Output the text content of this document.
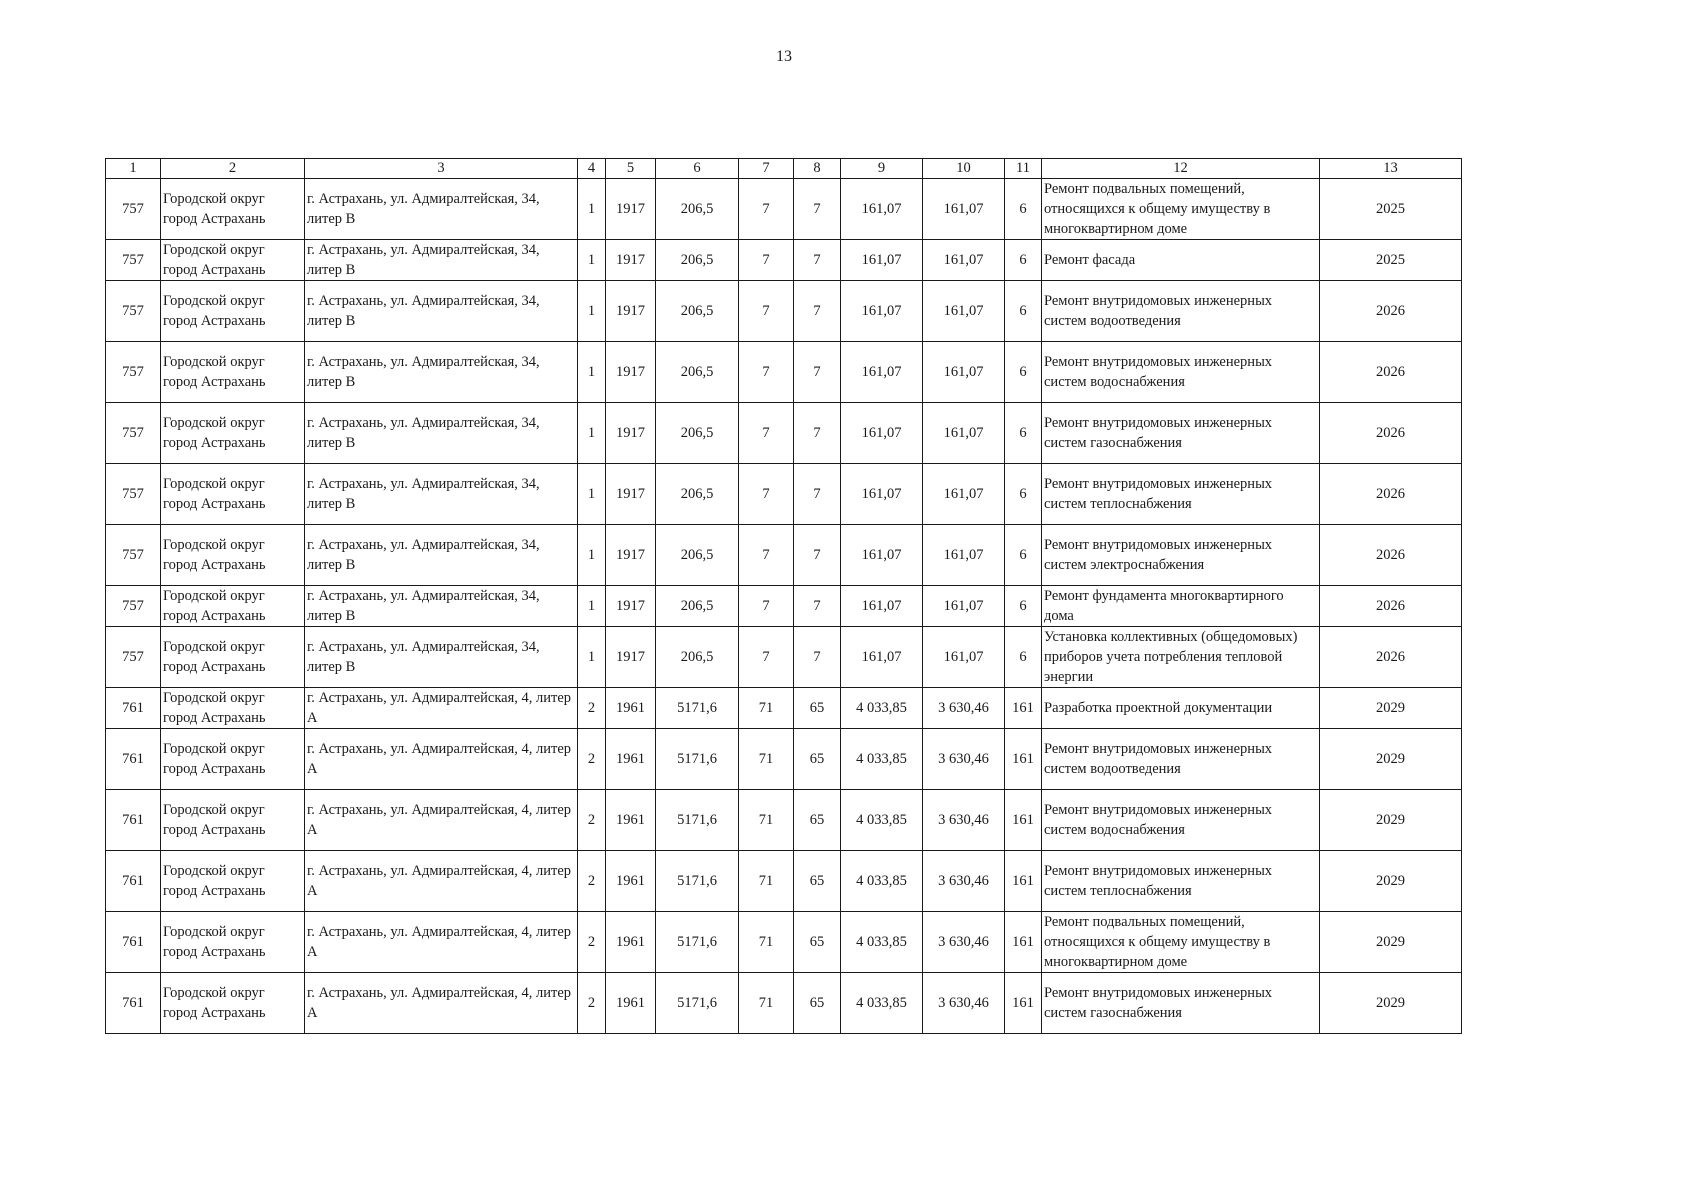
13
1	2	3	4	5	6	7	8	9	10	11	12	13
757	Городской округ город Астрахань	г. Астрахань, ул. Адмиралтейская, 34, литер В	1	1917	206,5	7	7	161,07	161,07	6	Ремонт подвальных помещений, относящихся к общему имуществу в многоквартирном доме	2025
757	Городской округ город Астрахань	г. Астрахань, ул. Адмиралтейская, 34, литер В	1	1917	206,5	7	7	161,07	161,07	6	Ремонт фасада	2025
757	Городской округ город Астрахань	г. Астрахань, ул. Адмиралтейская, 34, литер В	1	1917	206,5	7	7	161,07	161,07	6	Ремонт внутридомовых инженерных систем водоотведения	2026
757	Городской округ город Астрахань	г. Астрахань, ул. Адмиралтейская, 34, литер В	1	1917	206,5	7	7	161,07	161,07	6	Ремонт внутридомовых инженерных систем водоснабжения	2026
757	Городской округ город Астрахань	г. Астрахань, ул. Адмиралтейская, 34, литер В	1	1917	206,5	7	7	161,07	161,07	6	Ремонт внутридомовых инженерных систем газоснабжения	2026
757	Городской округ город Астрахань	г. Астрахань, ул. Адмиралтейская, 34, литер В	1	1917	206,5	7	7	161,07	161,07	6	Ремонт внутридомовых инженерных систем теплоснабжения	2026
757	Городской округ город Астрахань	г. Астрахань, ул. Адмиралтейская, 34, литер В	1	1917	206,5	7	7	161,07	161,07	6	Ремонт внутридомовых инженерных систем электроснабжения	2026
757	Городской округ город Астрахань	г. Астрахань, ул. Адмиралтейская, 34, литер В	1	1917	206,5	7	7	161,07	161,07	6	Ремонт фундамента многоквартирного дома	2026
757	Городской округ город Астрахань	г. Астрахань, ул. Адмиралтейская, 34, литер В	1	1917	206,5	7	7	161,07	161,07	6	Установка коллективных (общедомовых) приборов учета потребления тепловой энергии	2026
761	Городской округ город Астрахань	г. Астрахань, ул. Адмиралтейская, 4, литер А	2	1961	5171,6	71	65	4 033,85	3 630,46	161	Разработка проектной документации	2029
761	Городской округ город Астрахань	г. Астрахань, ул. Адмиралтейская, 4, литер А	2	1961	5171,6	71	65	4 033,85	3 630,46	161	Ремонт внутридомовых инженерных систем водоотведения	2029
761	Городской округ город Астрахань	г. Астрахань, ул. Адмиралтейская, 4, литер А	2	1961	5171,6	71	65	4 033,85	3 630,46	161	Ремонт внутридомовых инженерных систем водоснабжения	2029
761	Городской округ город Астрахань	г. Астрахань, ул. Адмиралтейская, 4, литер А	2	1961	5171,6	71	65	4 033,85	3 630,46	161	Ремонт внутридомовых инженерных систем теплоснабжения	2029
761	Городской округ город Астрахань	г. Астрахань, ул. Адмиралтейская, 4, литер А	2	1961	5171,6	71	65	4 033,85	3 630,46	161	Ремонт подвальных помещений, относящихся к общему имуществу в многоквартирном доме	2029
761	Городской округ город Астрахань	г. Астрахань, ул. Адмиралтейская, 4, литер А	2	1961	5171,6	71	65	4 033,85	3 630,46	161	Ремонт внутридомовых инженерных систем газоснабжения	2029
